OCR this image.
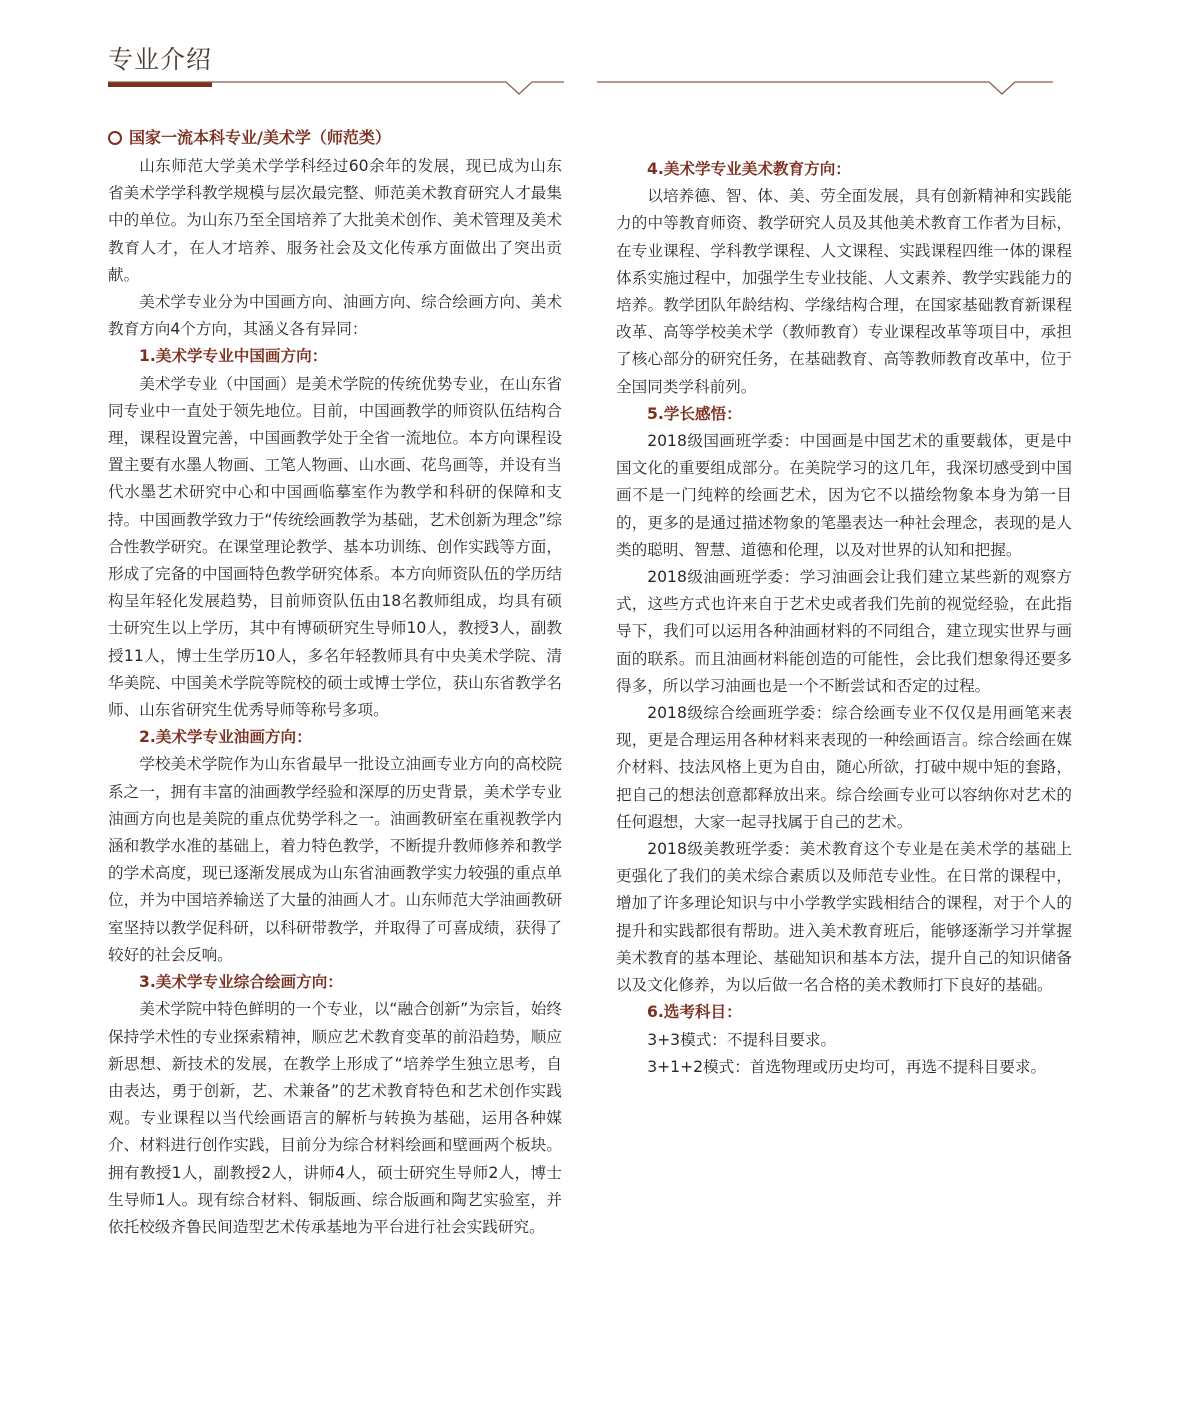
专业介绍
国家一流本科专业/美术学（师范类）

山东师范大学美术学学科经过60余年的发展，现已成为山东省美术学学科教学规模与层次最完整、师范美术教育研究人才最集中的单位。为山东乃至全国培养了大批美术创作、美术管理及美术教育人才，在人才培养、服务社会及文化传承方面做出了突出贡献。

美术学专业分为中国画方向、油画方向、综合绘画方向、美术教育方向4个方向，其涵义各有异同：

1.美术学专业中国画方向：

美术学专业（中国画）是美术学院的传统优势专业，在山东省同专业中一直处于领先地位。目前，中国画教学的师资队伍结构合理，课程设置完善，中国画教学处于全省一流地位。本方向课程设置主要有水墨人物画、工笔人物画、山水画、花鸟画等，并设有当代水墨艺术研究中心和中国画临摹室作为教学和科研的保障和支持。中国画教学致力于“传统绘画教学为基础，艺术创新为理念”综合性教学研究。在课堂理论教学、基本功训练、创作实践等方面，形成了完备的中国画特色教学研究体系。本方向师资队伍的学历结构呈年轻化发展趋势，目前师资队伍由18名教师组成，均具有硕士研究生以上学历，其中有博硕研究生导师10人，教授3人，副教授11人，博士生学历10人，多名年轻教师具有中央美术学院、清华美院、中国美术学院等院校的硕士或博士学位，获山东省教学名师、山东省研究生优秀导师等称号多项。

2.美术学专业油画方向：

学校美术学院作为山东省最早一批设立油画专业方向的高校院系之一，拥有丰富的油画教学经验和深厚的历史背景，美术学专业油画方向也是美院的重点优势学科之一。油画教研室在重视教学内涵和教学水准的基础上，着力特色教学，不断提升教师修养和教学的学术高度，现已逐渐发展成为山东省油画教学实力较强的重点单位，并为中国培养输送了大量的油画人才。山东师范大学油画教研室坚持以教学促科研，以科研带教学，并取得了可喜成绩，获得了较好的社会反响。

3.美术学专业综合绘画方向：

美术学院中特色鲜明的一个专业，以“融合创新”为宗旨，始终保持学术性的专业探索精神，顺应艺术教育变革的前沿趋势，顺应新思想、新技术的发展，在教学上形成了“培养学生独立思考，自由表达，勇于创新，艺、术兼备”的艺术教育特色和艺术创作实践观。专业课程以当代绘画语言的解析与转换为基础，运用各种媒介、材料进行创作实践，目前分为综合材料绘画和壁画两个板块。拥有教授1人，副教授2人，讲师4人，硕士研究生导师2人，博士生导师1人。现有综合材料、铜版画、综合版画和陶艺实验室，并依托校级齐鲁民间造型艺术传承基地为平台进行社会实践研究。

4.美术学专业美术教育方向：

以培养德、智、体、美、劳全面发展，具有创新精神和实践能力的中等教育师资、教学研究人员及其他美术教育工作者为目标，在专业课程、学科教学课程、人文课程、实践课程四维一体的课程体系实施过程中，加强学生专业技能、人文素养、教学实践能力的培养。教学团队年龄结构、学缘结构合理，在国家基础教育新课程改革、高等学校美术学（教师教育）专业课程改革等项目中，承担了核心部分的研究任务，在基础教育、高等教师教育改革中，位于全国同类学科前列。

5.学长感悟：

2018级国画班学委：中国画是中国艺术的重要载体，更是中国文化的重要组成部分。在美院学习的这几年，我深切感受到中国画不是一门纯粹的绘画艺术，因为它不以描绘物象本身为第一目的，更多的是通过描述物象的笔墨表达一种社会理念，表现的是人类的聪明、智慧、道德和伦理，以及对世界的认知和把握。

2018级油画班学委：学习油画会让我们建立某些新的观察方式，这些方式也许来自于艺术史或者我们先前的视觉经验，在此指导下，我们可以运用各种油画材料的不同组合，建立现实世界与画面的联系。而且油画材料能创造的可能性，会比我们想象得还要多得多，所以学习油画也是一个不断尝试和否定的过程。

2018级综合绘画班学委：综合绘画专业不仅仅是用画笔来表现，更是合理运用各种材料来表现的一种绘画语言。综合绘画在媒介材料、技法风格上更为自由，随心所欲，打破中规中矩的套路，把自己的想法创意都释放出来。综合绘画专业可以容纳你对艺术的任何遐想，大家一起寻找属于自己的艺术。

2018级美教班学委：美术教育这个专业是在美术学的基础上更强化了我们的美术综合素质以及师范专业性。在日常的课程中，增加了许多理论知识与中小学教学实践相结合的课程，对于个人的提升和实践都很有帮助。进入美术教育班后，能够逐渐学习并掌握美术教育的基本理论、基础知识和基本方法，提升自己的知识储备以及文化修养，为以后做一名合格的美术教师打下良好的基础。

6.选考科目：

3+3模式：不提科目要求。

3+1+2模式：首选物理或历史均可，再选不提科目要求。
